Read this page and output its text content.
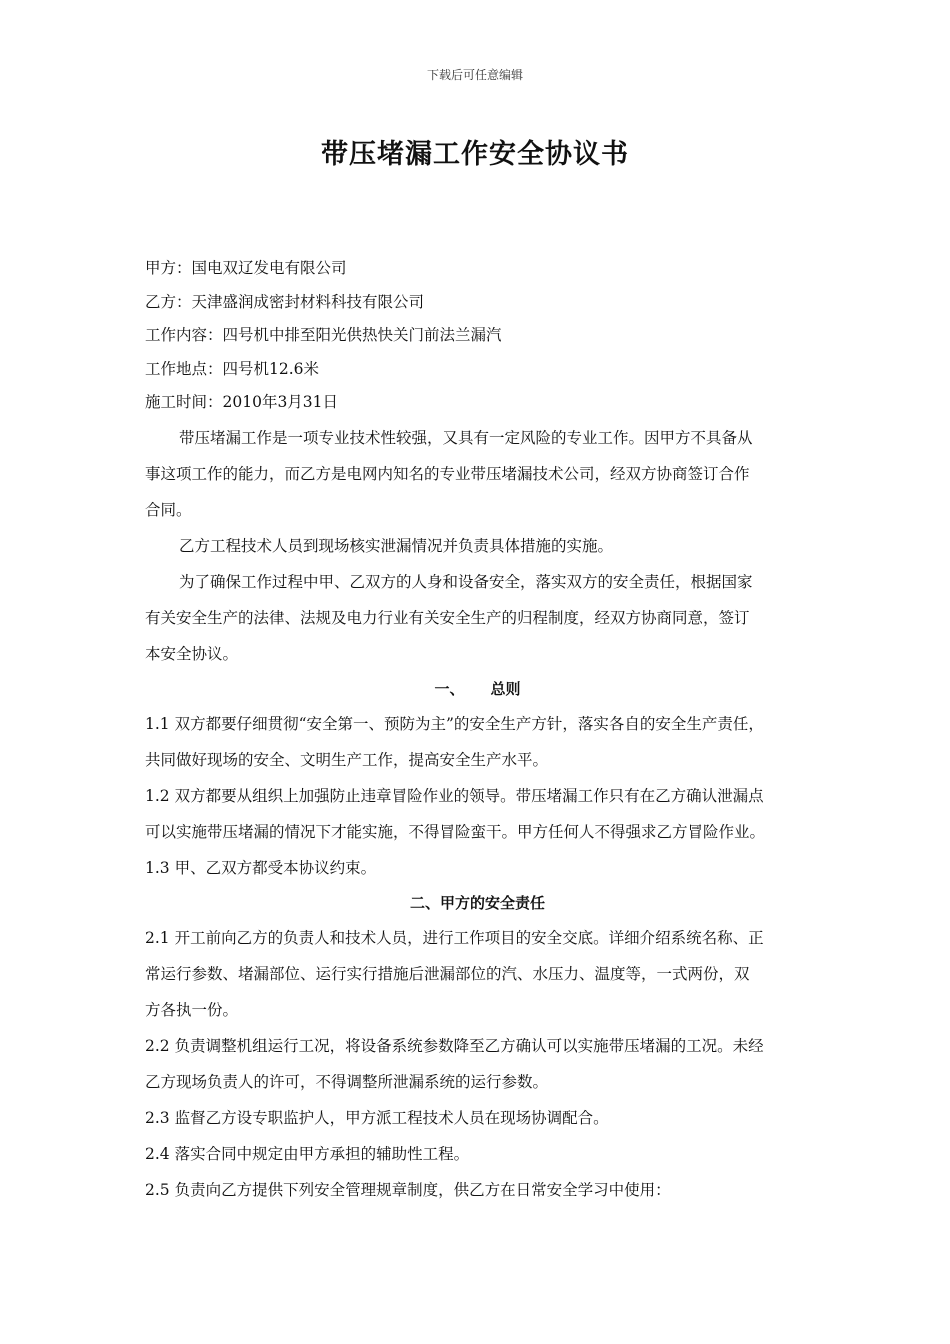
下载后可任意编辑
带压堵漏工作安全协议书
甲方：国电双辽发电有限公司
乙方：天津盛润成密封材料科技有限公司
工作内容：四号机中排至阳光供热快关门前法兰漏汽
工作地点：四号机12.6米
施工时间：2010年3月31日
带压堵漏工作是一项专业技术性较强，又具有一定风险的专业工作。因甲方不具备从
事这项工作的能力，而乙方是电网内知名的专业带压堵漏技术公司，经双方协商签订合作
合同。
乙方工程技术人员到现场核实泄漏情况并负责具体措施的实施。
为了确保工作过程中甲、乙双方的人身和设备安全，落实双方的安全责任，根据国家
有关安全生产的法律、法规及电力行业有关安全生产的归程制度，经双方协商同意，签订
本安全协议。
一、 总则
1.1 双方都要仔细贯彻“安全第一、预防为主”的安全生产方针，落实各自的安全生产责任，
共同做好现场的安全、文明生产工作，提高安全生产水平。
1.2 双方都要从组织上加强防止违章冒险作业的领导。带压堵漏工作只有在乙方确认泄漏点
可以实施带压堵漏的情况下才能实施，不得冒险蛮干。甲方任何人不得强求乙方冒险作业。
1.3 甲、乙双方都受本协议约束。
二、甲方的安全责任
2.1 开工前向乙方的负责人和技术人员，进行工作项目的安全交底。详细介绍系统名称、正
常运行参数、堵漏部位、运行实行措施后泄漏部位的汽、水压力、温度等，一式两份，双
方各执一份。
2.2 负责调整机组运行工况，将设备系统参数降至乙方确认可以实施带压堵漏的工况。未经
乙方现场负责人的许可，不得调整所泄漏系统的运行参数。
2.3 监督乙方设专职监护人，甲方派工程技术人员在现场协调配合。
2.4 落实合同中规定由甲方承担的辅助性工程。
2.5 负责向乙方提供下列安全管理规章制度，供乙方在日常安全学习中使用：
